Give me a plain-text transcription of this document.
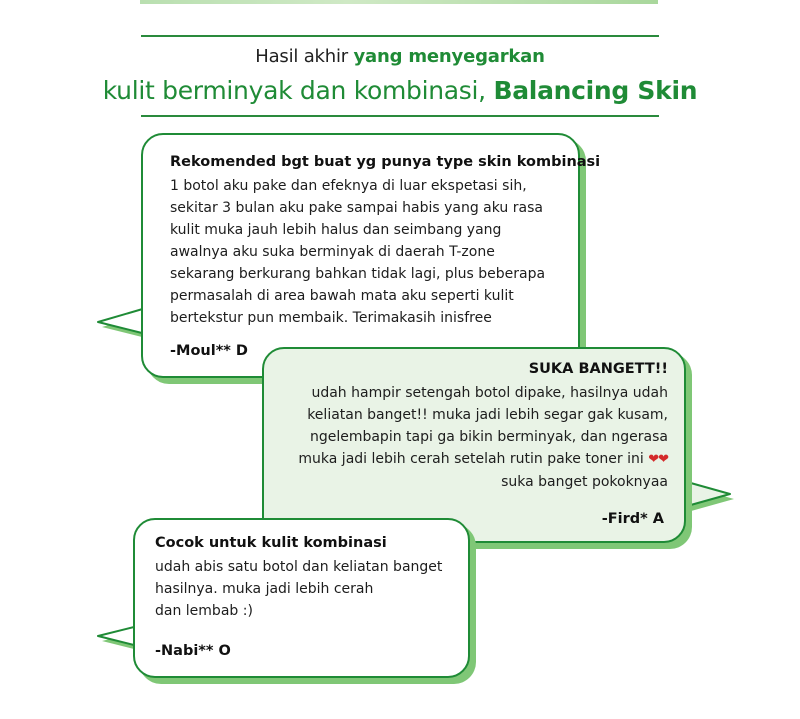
Hasil akhir yang menyegarkan
kulit berminyak dan kombinasi, Balancing Skin
Rekomended bgt buat yg punya type skin kombinasi
1 botol aku pake dan efeknya di luar ekspetasi sih,
sekitar 3 bulan aku pake sampai habis yang aku rasa
kulit muka jauh lebih halus dan seimbang yang
awalnya aku suka berminyak di daerah T-zone
sekarang berkurang bahkan tidak lagi, plus beberapa
permasalah di area bawah mata aku seperti kulit
bertekstur pun membaik. Terimakasih inisfree
-Moul** D
SUKA BANGETT!!
udah hampir setengah botol dipake, hasilnya udah
keliatan banget!! muka jadi lebih segar gak kusam,
ngelembapin tapi ga bikin berminyak, dan ngerasa
muka jadi lebih cerah setelah rutin pake toner ini ❤❤
suka banget pokoknyaa
-Fird* A
Cocok untuk kulit kombinasi
udah abis satu botol dan keliatan banget
hasilnya. muka jadi lebih cerah
dan lembab :)
-Nabi** O
